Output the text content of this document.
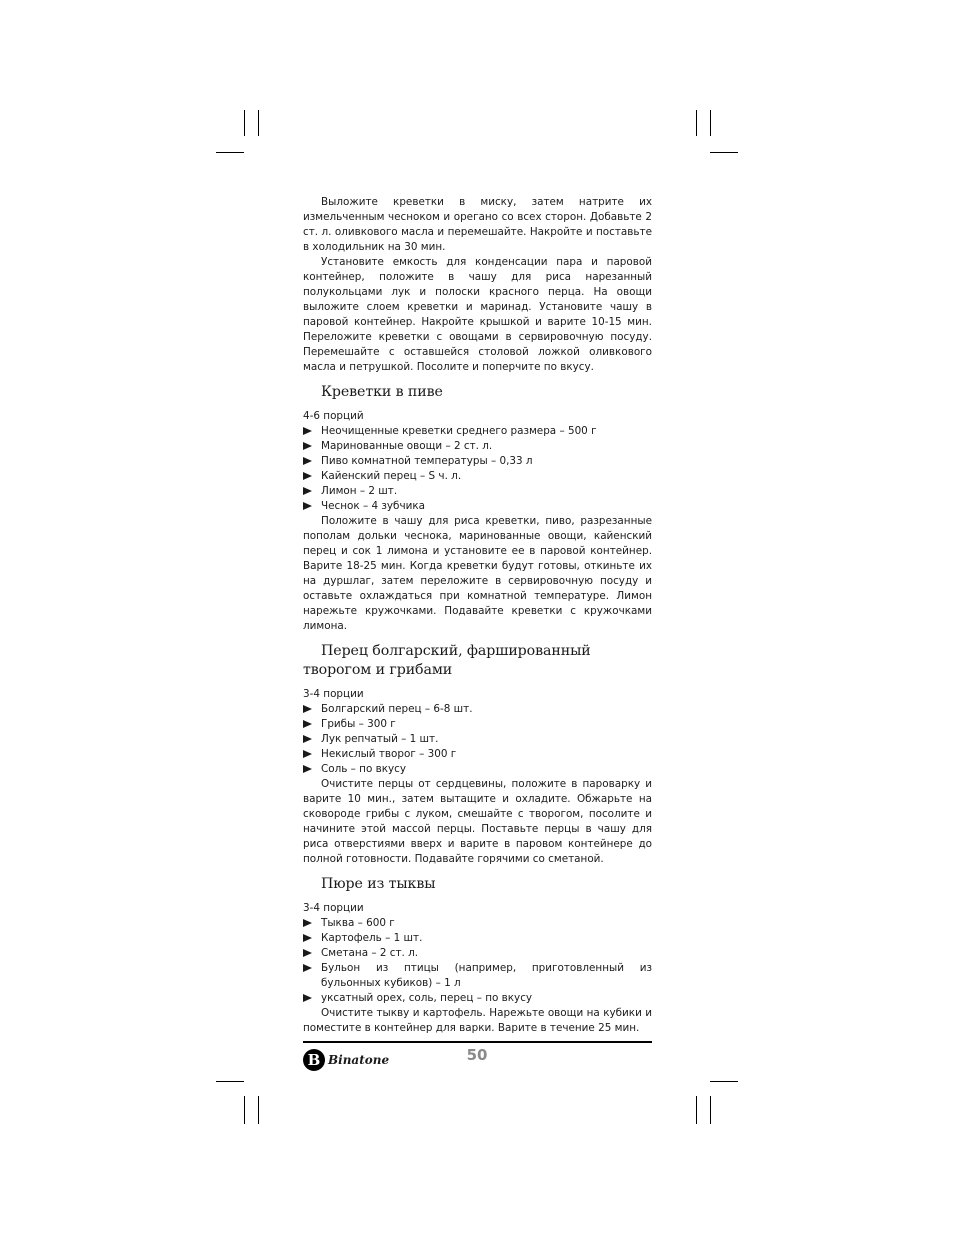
Выложите креветки в миску, затем натрите их измельченным чесноком и орегано со всех сторон. Добавьте 2 ст. л. оливкового масла и перемешайте. Накройте и поставьте в холодильник на 30 мин.

Установите емкость для конденсации пара и паровой контейнер, положите в чашу для риса нарезанный полукольцами лук и полоски красного перца. На овощи выложите слоем креветки и маринад. Установите чашу в паровой контейнер. Накройте крышкой и варите 10-15 мин. Переложите креветки с овощами в сервировочную посуду. Перемешайте с оставшейся столовой ложкой оливкового масла и петрушкой. Посолите и поперчите по вкусу.

Креветки в пиве
4-6 порций
Неочищенные креветки среднего размера – 500 г
Маринованные овощи – 2 ст. л.
Пиво комнатной температуры – 0,33 л
Кайенский перец – S ч. л.
Лимон – 2 шт.
Чеснок – 4 зубчика

Положите в чашу для риса креветки, пиво, разрезанные пополам дольки чеснока, маринованные овощи, кайенский перец и сок 1 лимона и установите ее в паровой контейнер. Варите 18-25 мин. Когда креветки будут готовы, откиньте их на дуршлаг, затем переложите в сервировочную посуду и оставьте охлаждаться при комнатной температуре. Лимон нарежьте кружочками. Подавайте креветки с кружочками лимона.

Перец болгарский, фаршированный
творогом и грибами
3-4 порции
Болгарский перец – 6-8 шт.
Грибы – 300 г
Лук репчатый – 1 шт.
Некислый творог – 300 г
Соль – по вкусу

Очистите перцы от сердцевины, положите в пароварку и варите 10 мин., затем вытащите и охладите. Обжарьте на сковороде грибы с луком, смешайте с творогом, посолите и начините этой массой перцы. Поставьте перцы в чашу для риса отверстиями вверх и варите в паровом контейнере до полной готовности. Подавайте горячими со сметаной.

Пюре из тыквы
3-4 порции
Тыква – 600 г
Картофель – 1 шт.
Сметана – 2 ст. л.
Бульон из птицы (например, приготовленный из бульонных кубиков) – 1 л
уксатный орех, соль, перец – по вкусу

Очистите тыкву и картофель. Нарежьте овощи на кубики и поместите в контейнер для варки. Варите в течение 25 мин.

B Binatone	50
